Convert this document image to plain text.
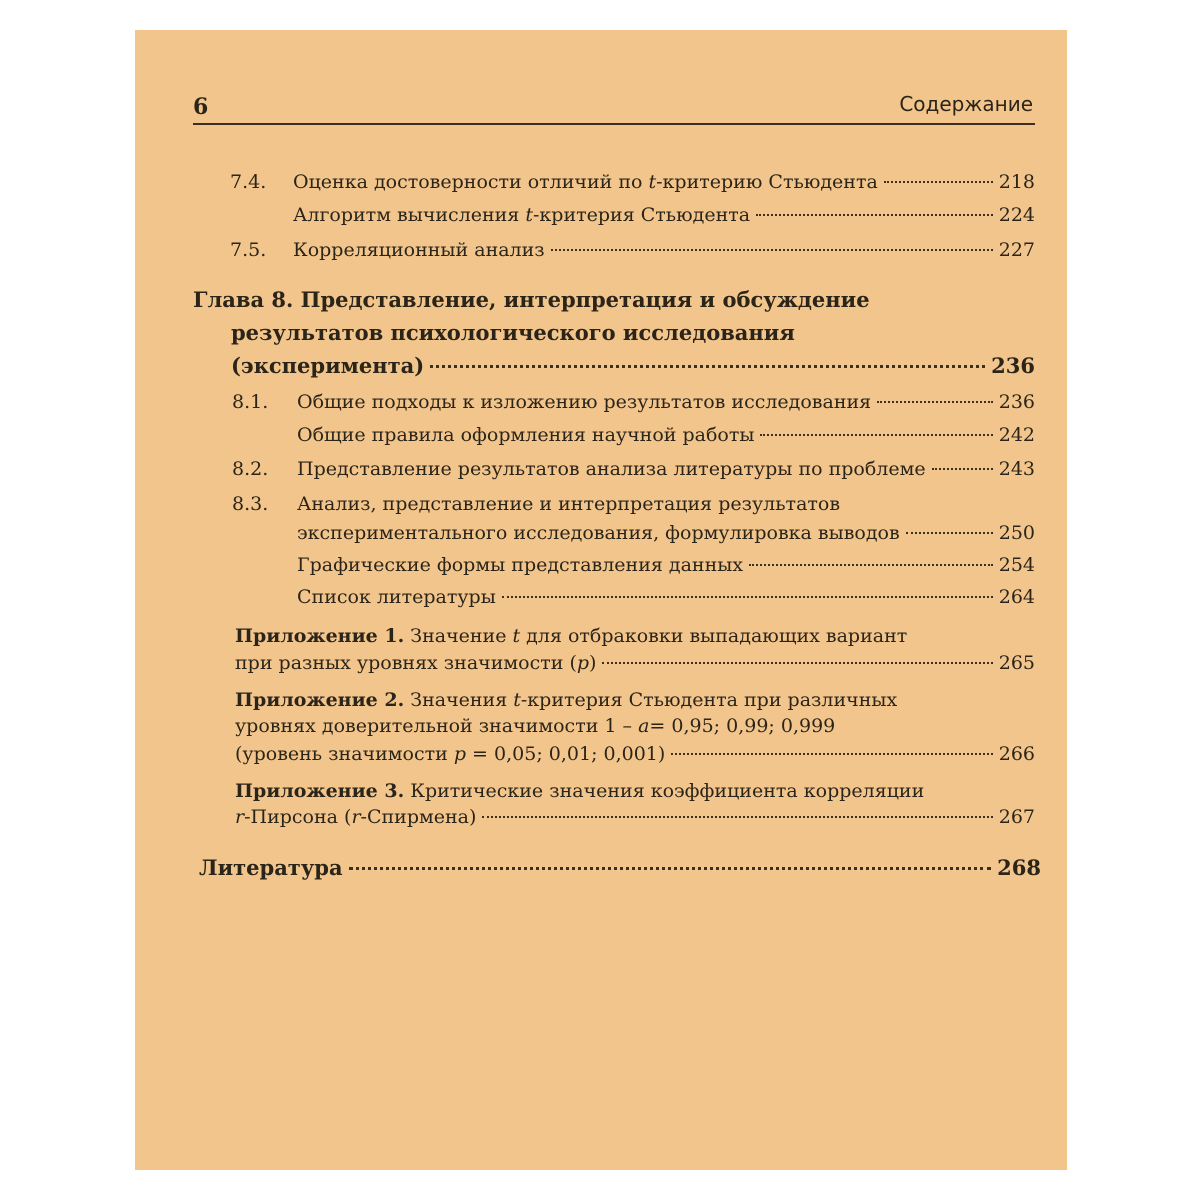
6	Содержание
7.4. Оценка достоверности отличий по t-критерию Стьюдента	218
Алгоритм вычисления t-критерия Стьюдента	224
7.5. Корреляционный анализ	227
Глава 8. Представление, интерпретация и обсуждение
результатов психологического исследования
(эксперимента)	236
8.1. Общие подходы к изложению результатов исследования	236
Общие правила оформления научной работы	242
8.2. Представление результатов анализа литературы по проблеме	243
8.3. Анализ, представление и интерпретация результатов
экспериментального исследования, формулировка выводов	250
Графические формы представления данных	254
Список литературы	264
Приложение 1. Значение t для отбраковки выпадающих вариант
при разных уровнях значимости (p)	265
Приложение 2. Значения t-критерия Стьюдента при различных
уровнях доверительной значимости 1 – a= 0,95; 0,99; 0,999
(уровень значимости p = 0,05; 0,01; 0,001)	266
Приложение 3. Критические значения коэффициента корреляции
r-Пирсона (r-Спирмена)	267
Литература	268
